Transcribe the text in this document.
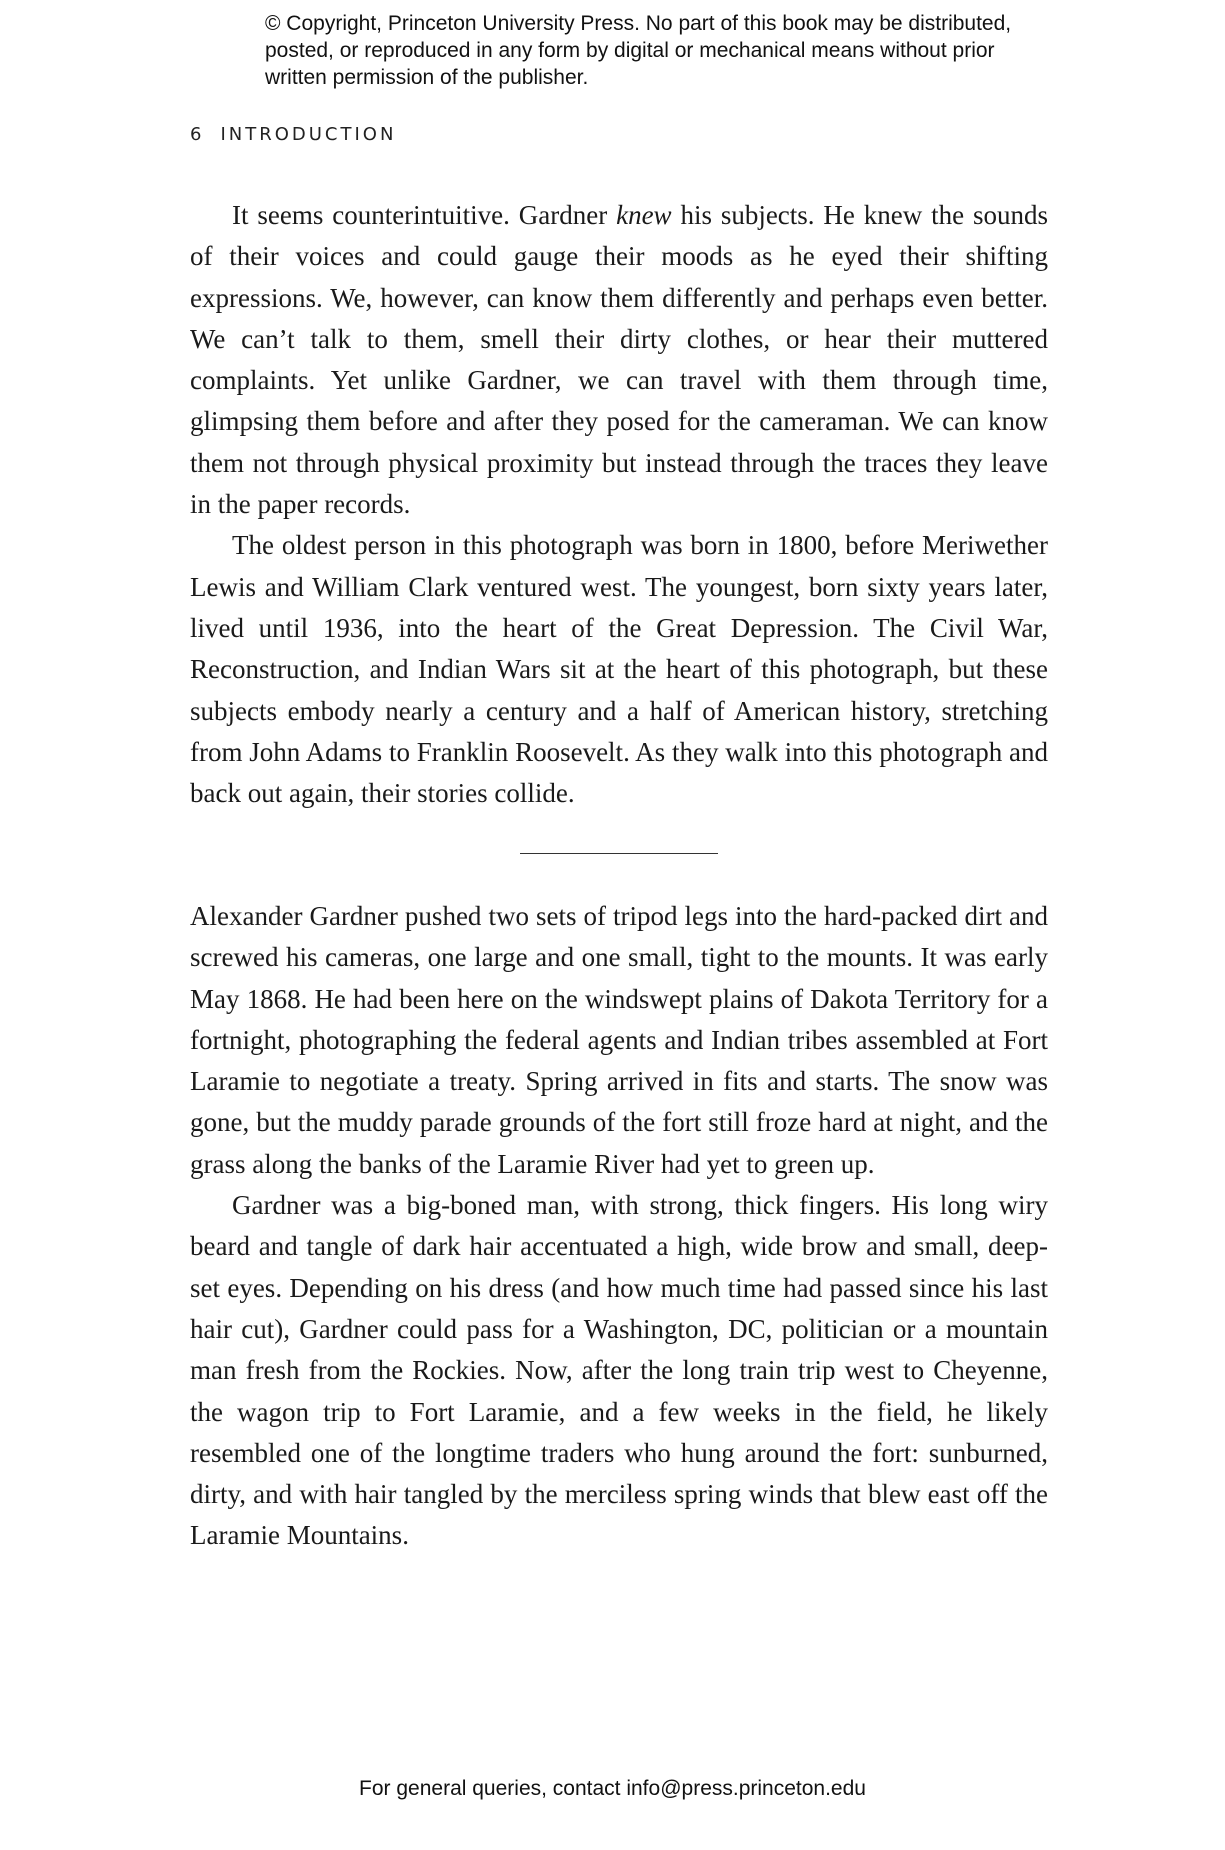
© Copyright, Princeton University Press. No part of this book may be distributed, posted, or reproduced in any form by digital or mechanical means without prior written permission of the publisher.

6 INTRODUCTION

It seems counterintuitive. Gardner knew his subjects. He knew the sounds of their voices and could gauge their moods as he eyed their shifting expressions. We, however, can know them differently and perhaps even better. We can’t talk to them, smell their dirty clothes, or hear their muttered complaints. Yet unlike Gardner, we can travel with them through time, glimpsing them before and after they posed for the cameraman. We can know them not through physical proximity but instead through the traces they leave in the paper records.

The oldest person in this photograph was born in 1800, before Meriwether Lewis and William Clark ventured west. The youngest, born sixty years later, lived until 1936, into the heart of the Great Depression. The Civil War, Reconstruction, and Indian Wars sit at the heart of this photograph, but these subjects embody nearly a century and a half of American history, stretching from John Adams to Franklin Roosevelt. As they walk into this photograph and back out again, their stories collide.

Alexander Gardner pushed two sets of tripod legs into the hard-packed dirt and screwed his cameras, one large and one small, tight to the mounts. It was early May 1868. He had been here on the windswept plains of Dakota Territory for a fortnight, photographing the federal agents and Indian tribes assembled at Fort Laramie to negotiate a treaty. Spring arrived in fits and starts. The snow was gone, but the muddy parade grounds of the fort still froze hard at night, and the grass along the banks of the Laramie River had yet to green up.

Gardner was a big-boned man, with strong, thick fingers. His long wiry beard and tangle of dark hair accentuated a high, wide brow and small, deep-set eyes. Depending on his dress (and how much time had passed since his last hair cut), Gardner could pass for a Washington, DC, politician or a mountain man fresh from the Rockies. Now, after the long train trip west to Cheyenne, the wagon trip to Fort Laramie, and a few weeks in the field, he likely resembled one of the longtime traders who hung around the fort: sunburned, dirty, and with hair tangled by the merciless spring winds that blew east off the Laramie Mountains.

For general queries, contact info@press.princeton.edu
